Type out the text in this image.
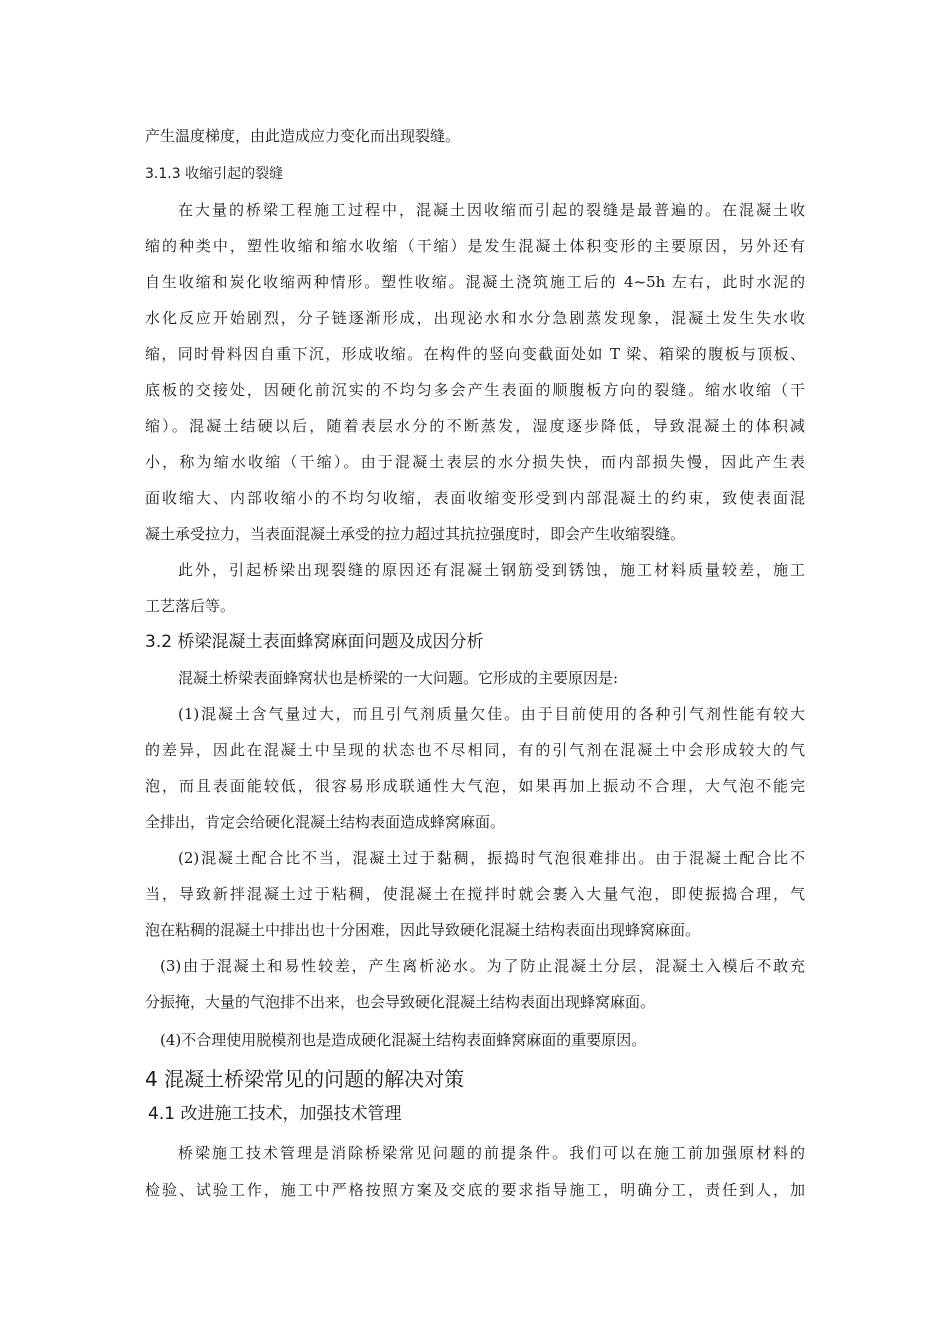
产生温度梯度，由此造成应力变化而出现裂缝。
3.1.3 收缩引起的裂缝
在大量的桥梁工程施工过程中，混凝土因收缩而引起的裂缝是最普遍的。在混凝土收
缩的种类中，塑性收缩和缩水收缩（干缩）是发生混凝土体积变形的主要原因，另外还有
自生收缩和炭化收缩两种情形。塑性收缩。混凝土浇筑施工后的 4~5h 左右，此时水泥的
水化反应开始剧烈，分子链逐渐形成，出现泌水和水分急剧蒸发现象，混凝土发生失水收
缩，同时骨料因自重下沉，形成收缩。在构件的竖向变截面处如 T 梁、箱梁的腹板与顶板、
底板的交接处，因硬化前沉实的不均匀多会产生表面的顺腹板方向的裂缝。缩水收缩（干
缩）。混凝土结硬以后，随着表层水分的不断蒸发，湿度逐步降低，导致混凝土的体积减
小，称为缩水收缩（干缩）。由于混凝土表层的水分损失快，而内部损失慢，因此产生表
面收缩大、内部收缩小的不均匀收缩，表面收缩变形受到内部混凝土的约束，致使表面混
凝土承受拉力，当表面混凝土承受的拉力超过其抗拉强度时，即会产生收缩裂缝。
此外，引起桥梁出现裂缝的原因还有混凝土钢筋受到锈蚀，施工材料质量较差，施工
工艺落后等。
3.2 桥梁混凝土表面蜂窝麻面问题及成因分析
混凝土桥梁表面蜂窝状也是桥梁的一大问题。它形成的主要原因是:
(1)混凝土含气量过大，而且引气剂质量欠佳。由于目前使用的各种引气剂性能有较大
的差异，因此在混凝土中呈现的状态也不尽相同，有的引气剂在混凝土中会形成较大的气
泡，而且表面能较低，很容易形成联通性大气泡，如果再加上振动不合理，大气泡不能完
全排出，肯定会给硬化混凝土结构表面造成蜂窝麻面。
(2)混凝土配合比不当，混凝土过于黏稠，振捣时气泡很难排出。由于混凝土配合比不
当，导致新拌混凝土过于粘稠，使混凝土在搅拌时就会裹入大量气泡，即使振捣合理，气
泡在粘稠的混凝土中排出也十分困难，因此导致硬化混凝土结构表面出现蜂窝麻面。
(3)由于混凝土和易性较差，产生离析泌水。为了防止混凝土分层，混凝土入模后不敢充
分振掩，大量的气泡排不出来，也会导致硬化混凝土结构表面出现蜂窝麻面。
(4)不合理使用脱模剂也是造成硬化混凝土结构表面蜂窝麻面的重要原因。
4 混凝土桥梁常见的问题的解决对策
4.1 改进施工技术，加强技术管理
桥梁施工技术管理是消除桥梁常见问题的前提条件。我们可以在施工前加强原材料的
检验、试验工作，施工中严格按照方案及交底的要求指导施工，明确分工，责任到人，加
